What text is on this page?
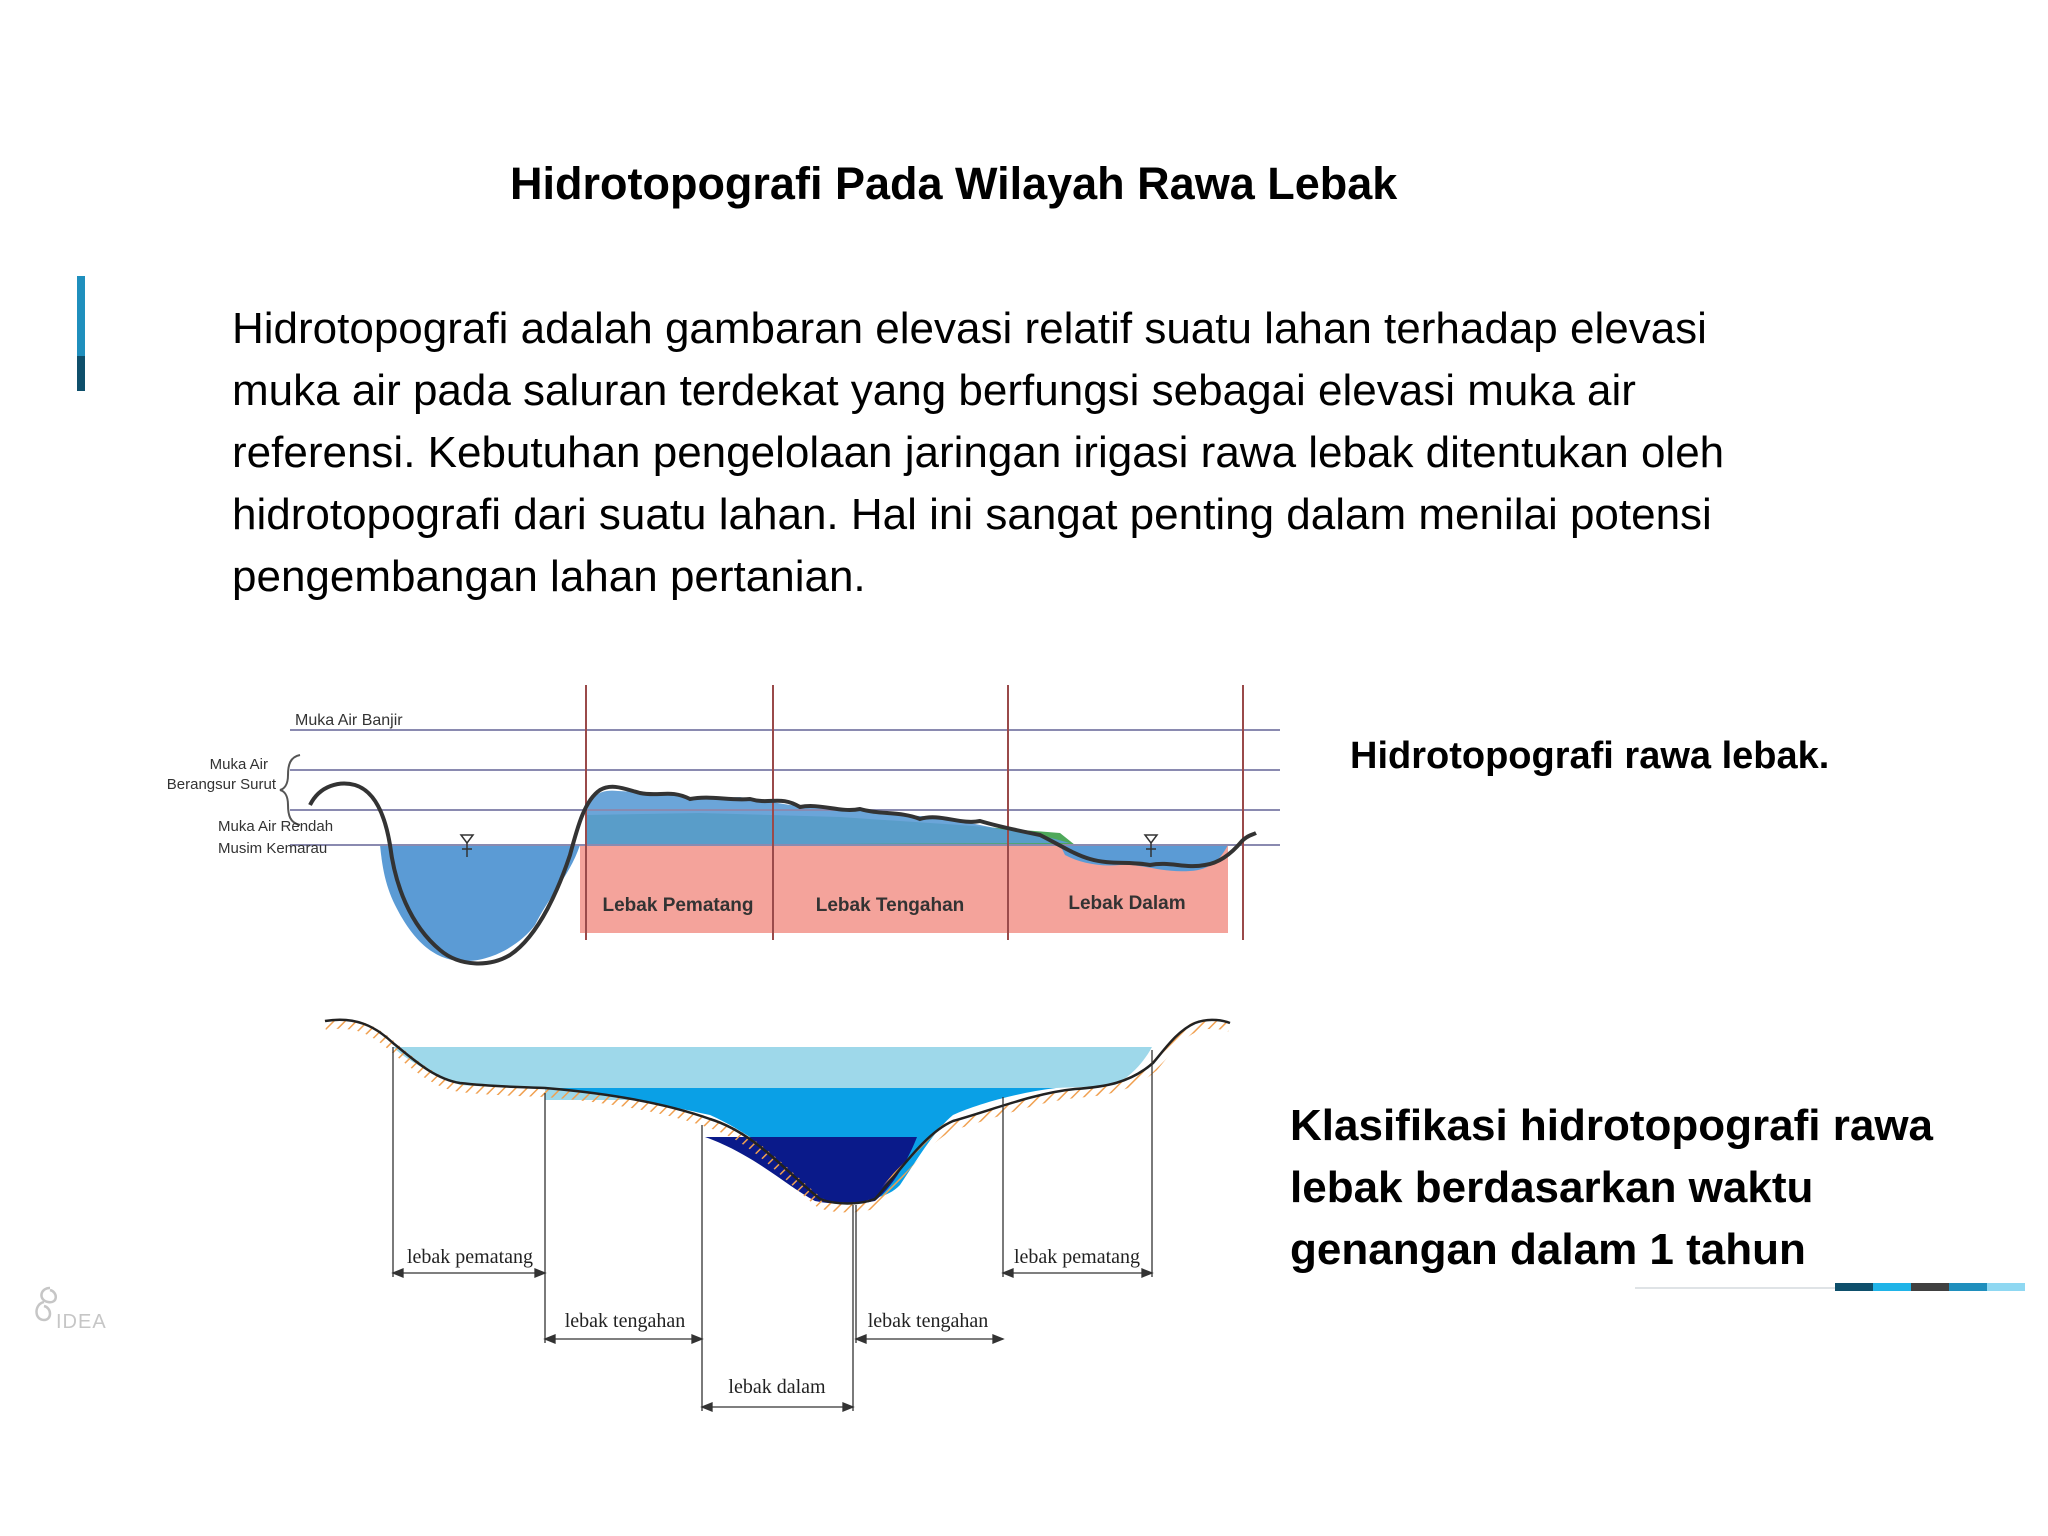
Hidrotopografi Pada Wilayah Rawa Lebak
Hidrotopografi adalah gambaran elevasi relatif suatu lahan terhadap elevasi
muka air pada saluran terdekat yang berfungsi sebagai elevasi muka air
referensi. Kebutuhan pengelolaan jaringan irigasi rawa lebak ditentukan oleh
hidrotopografi dari suatu lahan. Hal ini sangat penting dalam menilai potensi
pengembangan lahan pertanian.
Muka Air Banjir
Muka Air
Berangsur Surut
Muka Air Rendah
Musim Kemarau
Lebak Pematang	Lebak Tengahan	Lebak Dalam
lebak pematang	lebak pematang
lebak tengahan	lebak tengahan
lebak dalam
Hidrotopografi rawa lebak.
Klasifikasi hidrotopografi rawa
lebak berdasarkan waktu
genangan dalam 1 tahun
IDEA
